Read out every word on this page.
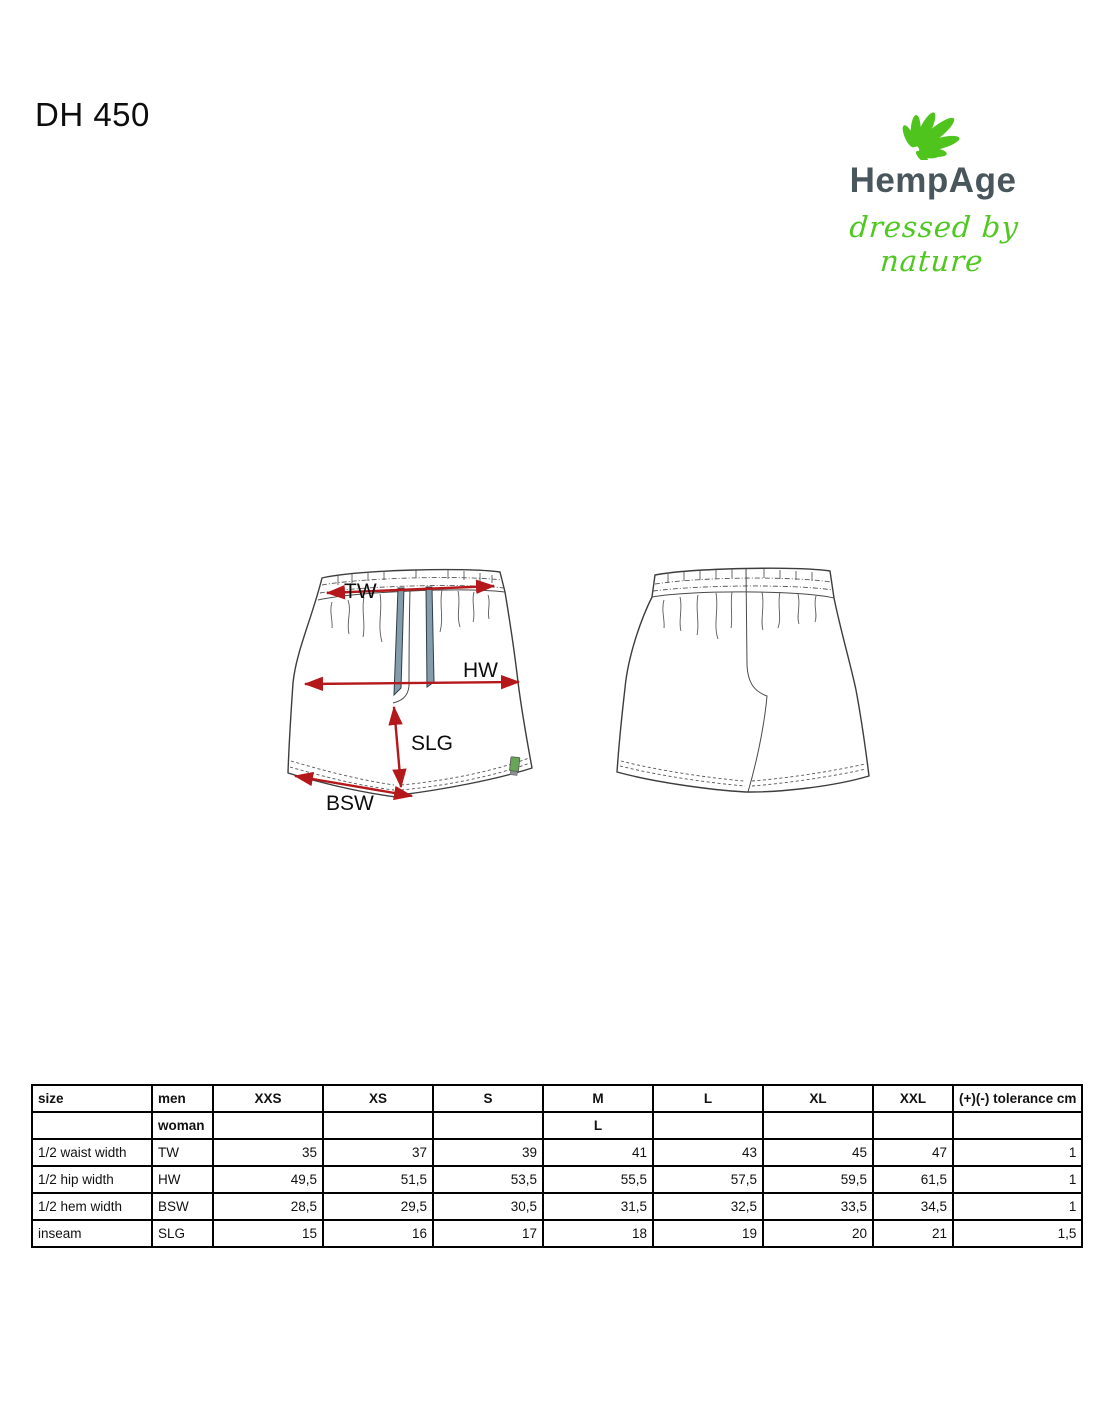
DH 450
HempAge
dressed by nature
TW
HW
SLG
BSW
size	men	XXS	XS	S	M	L	XL	XXL	(+)(-) tolerance cm
	woman				L				
1/2 waist width	TW	35	37	39	41	43	45	47	1
1/2 hip width	HW	49,5	51,5	53,5	55,5	57,5	59,5	61,5	1
1/2 hem width	BSW	28,5	29,5	30,5	31,5	32,5	33,5	34,5	1
inseam	SLG	15	16	17	18	19	20	21	1,5
